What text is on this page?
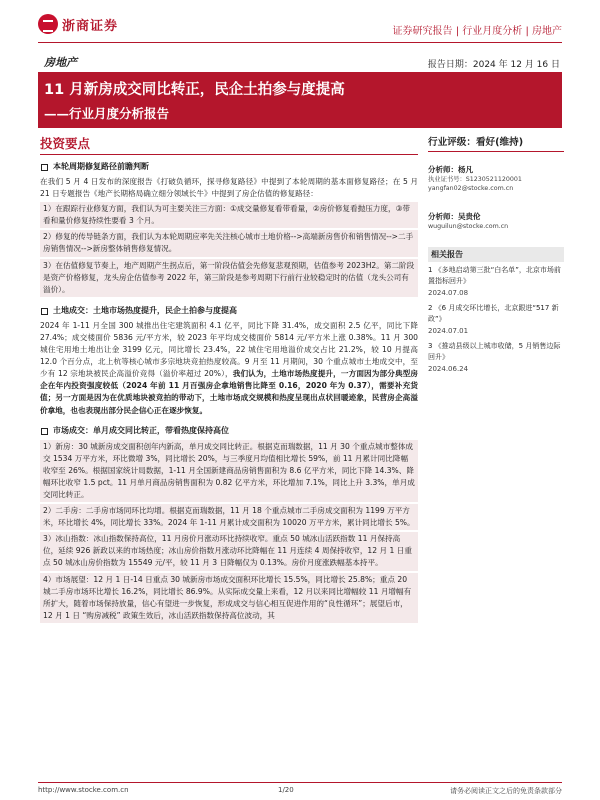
浙商证券	证券研究报告 | 行业月度分析 | 房地产
房地产	报告日期：2024 年 12 月 16 日
11 月新房成交同比转正，民企土拍参与度提高
——行业月度分析报告
投资要点
本轮周期修复路径前瞻判断
在我们 5 月 4 日发布的深度报告《打破负循环，探寻修复路径》中提到了本轮周期的基本面修复路径；在 5 月 21 日专题报告《地产长期格局确立细分领域长牛》中提到了房企估值的修复路径：
1）在跟踪行业修复方面，我们认为可主要关注三方面：①成交量修复看带看量，②房价修复看抛压力度，③带看和量价修复持续性要看 3 个月。
2）修复的传导链条方面，我们认为本轮周期应率先关注核心城市土地价格-->高端新房售价和销售情况-->二手房销售情况-->新房整体销售修复情况。
3）在估值修复节奏上，地产周期产生拐点后，第一阶段估值会先修复悲观预期，估值参考 2023H2。第二阶段是资产价格修复，龙头房企估值参考 2022 年，第三阶段是参考周期下行前行业较稳定时的估值（龙头公司有溢价）。
土地成交：土地市场热度提升，民企土拍参与度提高
2024 年 1-11 月全国 300 城推出住宅建筑面积 4.1 亿平，同比下降 31.4%，成交面积 2.5 亿平，同比下降 27.4%；成交楼面价 5836 元/平方米，较 2023 年平均成交楼面价 5814 元/平方米上涨 0.38%。11 月 300 城住宅用地土地出让金 3199 亿元，同比增长 23.4%，22 城住宅用地溢价成交占比 21.2%，较 10 月提高 12.0 个百分点，北上杭等核心城市多宗地块竞拍热度较高。9 月至 11 月期间，30 个重点城市土地成交中，至少有 12 宗地块被民企高溢价竞得（溢价率超过 20%），我们认为，土地市场热度提升，一方面因为部分典型房企在年内投资强度较低（2024 年前 11 月百强房企拿地销售比降至 0.16，2020 年为 0.37），需要补充货值；另一方面是因为在优质地块被竞拍的带动下，土地市场成交规模和热度呈现出点状回暖迹象，民营房企高溢价拿地，也也表现出部分民企信心正在逐步恢复。
市场成交：单月成交同比转正，带看热度保持高位
1）新房：30 城新房成交面积创年内新高，单月成交同比转正。根据克而瑞数据，11 月 30 个重点城市整体成交 1534 万平方米，环比微增 3%，同比增长 20%，与三季度月均值相比增长 59%，前 11 月累计同比降幅收窄至 26%。根据国家统计局数据，1-11 月全国新建商品房销售面积为 8.6 亿平方米，同比下降 14.3%、降幅环比收窄 1.5 pct。11 月单月商品房销售面积为 0.82 亿平方米，环比增加 7.1%，同比上升 3.3%，单月成交同比转正。
2）二手房：二手房市场同环比均增。根据克而瑞数据，11 月 18 个重点城市二手房成交面积为 1199 万平方米，环比增长 4%，同比增长 33%。2024 年 1-11 月累计成交面积为 10020 万平方米，累计同比增长 5%。
3）冰山指数：冰山指数保持高位，11 月房价月涨动环比持续收窄。重点 50 城冰山活跃指数 11 月保持高位，延续 926 新政以来的市场热度；冰山房价指数月涨动环比降幅在 11 月连续 4 周保持收窄，12 月 1 日重点 50 城冰山房价指数为 15549 元/平，较 11 月 3 日降幅仅为 0.13%。房价月度涨跌幅基本持平。
4）市场展望：12 月 1 日-14 日重点 30 城新房市场成交面积环比增长 15.5%，同比增长 25.8%；重点 20 城二手房市场环比增长 16.2%，同比增长 86.9%。从实际成交量上来看，12 月以来同比增幅较 11 月增幅有所扩大，随着市场保持放量，信心有望进一步恢复，形成成交与信心相互促进作用的“良性循环”；展望后市，12 月 1 日 “购房减税” 政策生效后，冰山活跃指数保持高位波动，其
行业评级：看好(维持)
分析师：杨凡
执业证书号：S1230521120001
yangfan02@stocke.com.cn
分析师：吴贵伦
wuguilun@stocke.com.cn
相关报告
1 《多地启动第三批“白名单”，北京市场前置指标回升》
2024.07.08
2 《6 月成交环比增长，北京跟进“517 新政”》
2024.07.01
3 《推动县级以上城市收储，5 月销售边际回升》
2024.06.24
http://www.stocke.com.cn	1/20	请务必阅读正文之后的免责条款部分
